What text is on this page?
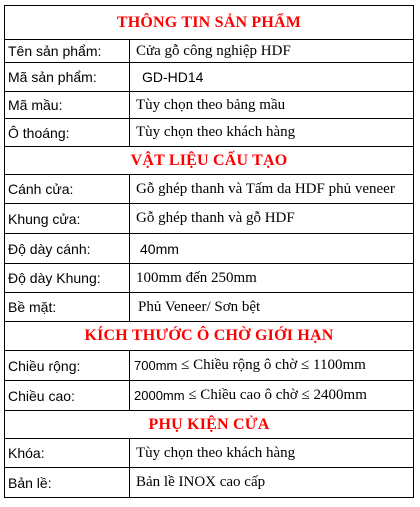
THÔNG TIN SẢN PHẨM
Tên sản phẩm:	Cửa gỗ công nghiệp HDF
Mã sản phẩm:	GD-HD14
Mã mầu:	Tùy chọn theo bảng mầu
Ô thoáng:	Tùy chọn theo khách hàng
VẬT LIỆU CẤU TẠO
Cánh cửa:	Gỗ ghép thanh và Tấm da HDF phủ veneer
Khung cửa:	Gỗ ghép thanh và gỗ HDF
Độ dày cánh:	40mm
Độ dày Khung:	100mm đến 250mm
Bề mặt:	Phủ Veneer/ Sơn bệt
KÍCH THƯỚC Ô CHỜ GIỚI HẠN
Chiều rộng:	700mm ≤ Chiều rộng ô chờ ≤ 1100mm
Chiều cao:	2000mm ≤ Chiều cao ô chờ ≤ 2400mm
PHỤ KIỆN CỬA
Khóa:	Tùy chọn theo khách hàng
Bản lề:	Bản lề INOX cao cấp
